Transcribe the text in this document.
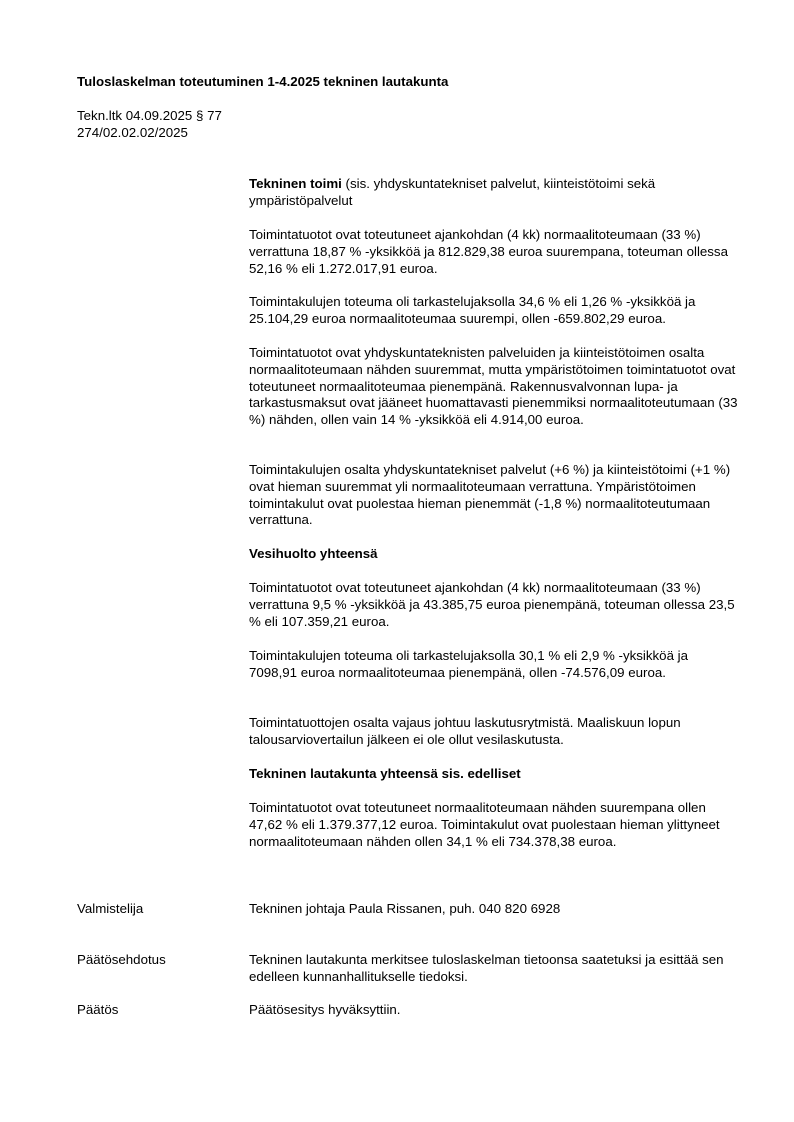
Tuloslaskelman toteutuminen 1-4.2025 tekninen lautakunta
Tekn.ltk 04.09.2025 § 77
274/02.02.02/2025

Tekninen toimi (sis. yhdyskuntatekniset palvelut, kiinteistötoimi sekä ympäristöpalvelut

Toimintatuotot ovat toteutuneet ajankohdan (4 kk) normaalitoteumaan (33 %) verrattuna 18,87 % -yksikköä ja 812.829,38 euroa suurempana, toteuman ollessa 52,16 % eli 1.272.017,91 euroa.

Toimintakulujen toteuma oli tarkastelujaksolla 34,6 % eli 1,26 % -yksikköä ja 25.104,29 euroa normaalitoteumaa suurempi, ollen -659.802,29 euroa.

Toimintatuotot ovat yhdyskuntateknisten palveluiden ja kiinteistötoimen osalta normaalitoteumaan nähden suuremmat, mutta ympäristötoimen toimintatuotot ovat toteutuneet normaalitoteumaa pienempänä. Rakennusvalvonnan lupa- ja tarkastusmaksut ovat jääneet huomattavasti pienemmiksi normaalitoteutumaan (33 %) nähden, ollen vain 14 % -yksikköä eli 4.914,00 euroa.

Toimintakulujen osalta yhdyskuntatekniset palvelut (+6 %) ja kiinteistötoimi (+1 %) ovat hieman suuremmat yli normaalitoteumaan verrattuna. Ympäristötoimen toimintakulut ovat puolestaa hieman pienemmät (-1,8 %) normaalitoteutumaan verrattuna.

Vesihuolto yhteensä

Toimintatuotot ovat toteutuneet ajankohdan (4 kk) normaalitoteumaan (33 %) verrattuna 9,5 % -yksikköä ja 43.385,75 euroa pienempänä, toteuman ollessa 23,5 % eli 107.359,21 euroa.

Toimintakulujen toteuma oli tarkastelujaksolla 30,1 % eli 2,9 % -yksikköä ja 7098,91 euroa normaalitoteumaa pienempänä, ollen -74.576,09 euroa.

Toimintatuottojen osalta vajaus johtuu laskutusrytmistä. Maaliskuun lopun talousarviovertailun jälkeen ei ole ollut vesilaskutusta.

Tekninen lautakunta yhteensä sis. edelliset

Toimintatuotot ovat toteutuneet normaalitoteumaan nähden suurempana ollen 47,62 % eli 1.379.377,12 euroa. Toimintakulut ovat puolestaan hieman ylittyneet normaalitoteumaan nähden ollen 34,1 % eli 734.378,38 euroa.

Valmistelija	Tekninen johtaja Paula Rissanen, puh. 040 820 6928
Päätösehdotus	Tekninen lautakunta merkitsee tuloslaskelman tietoonsa saatetuksi ja esittää sen edelleen kunnanhallitukselle tiedoksi.
Päätös	Päätösesitys hyväksyttiin.
